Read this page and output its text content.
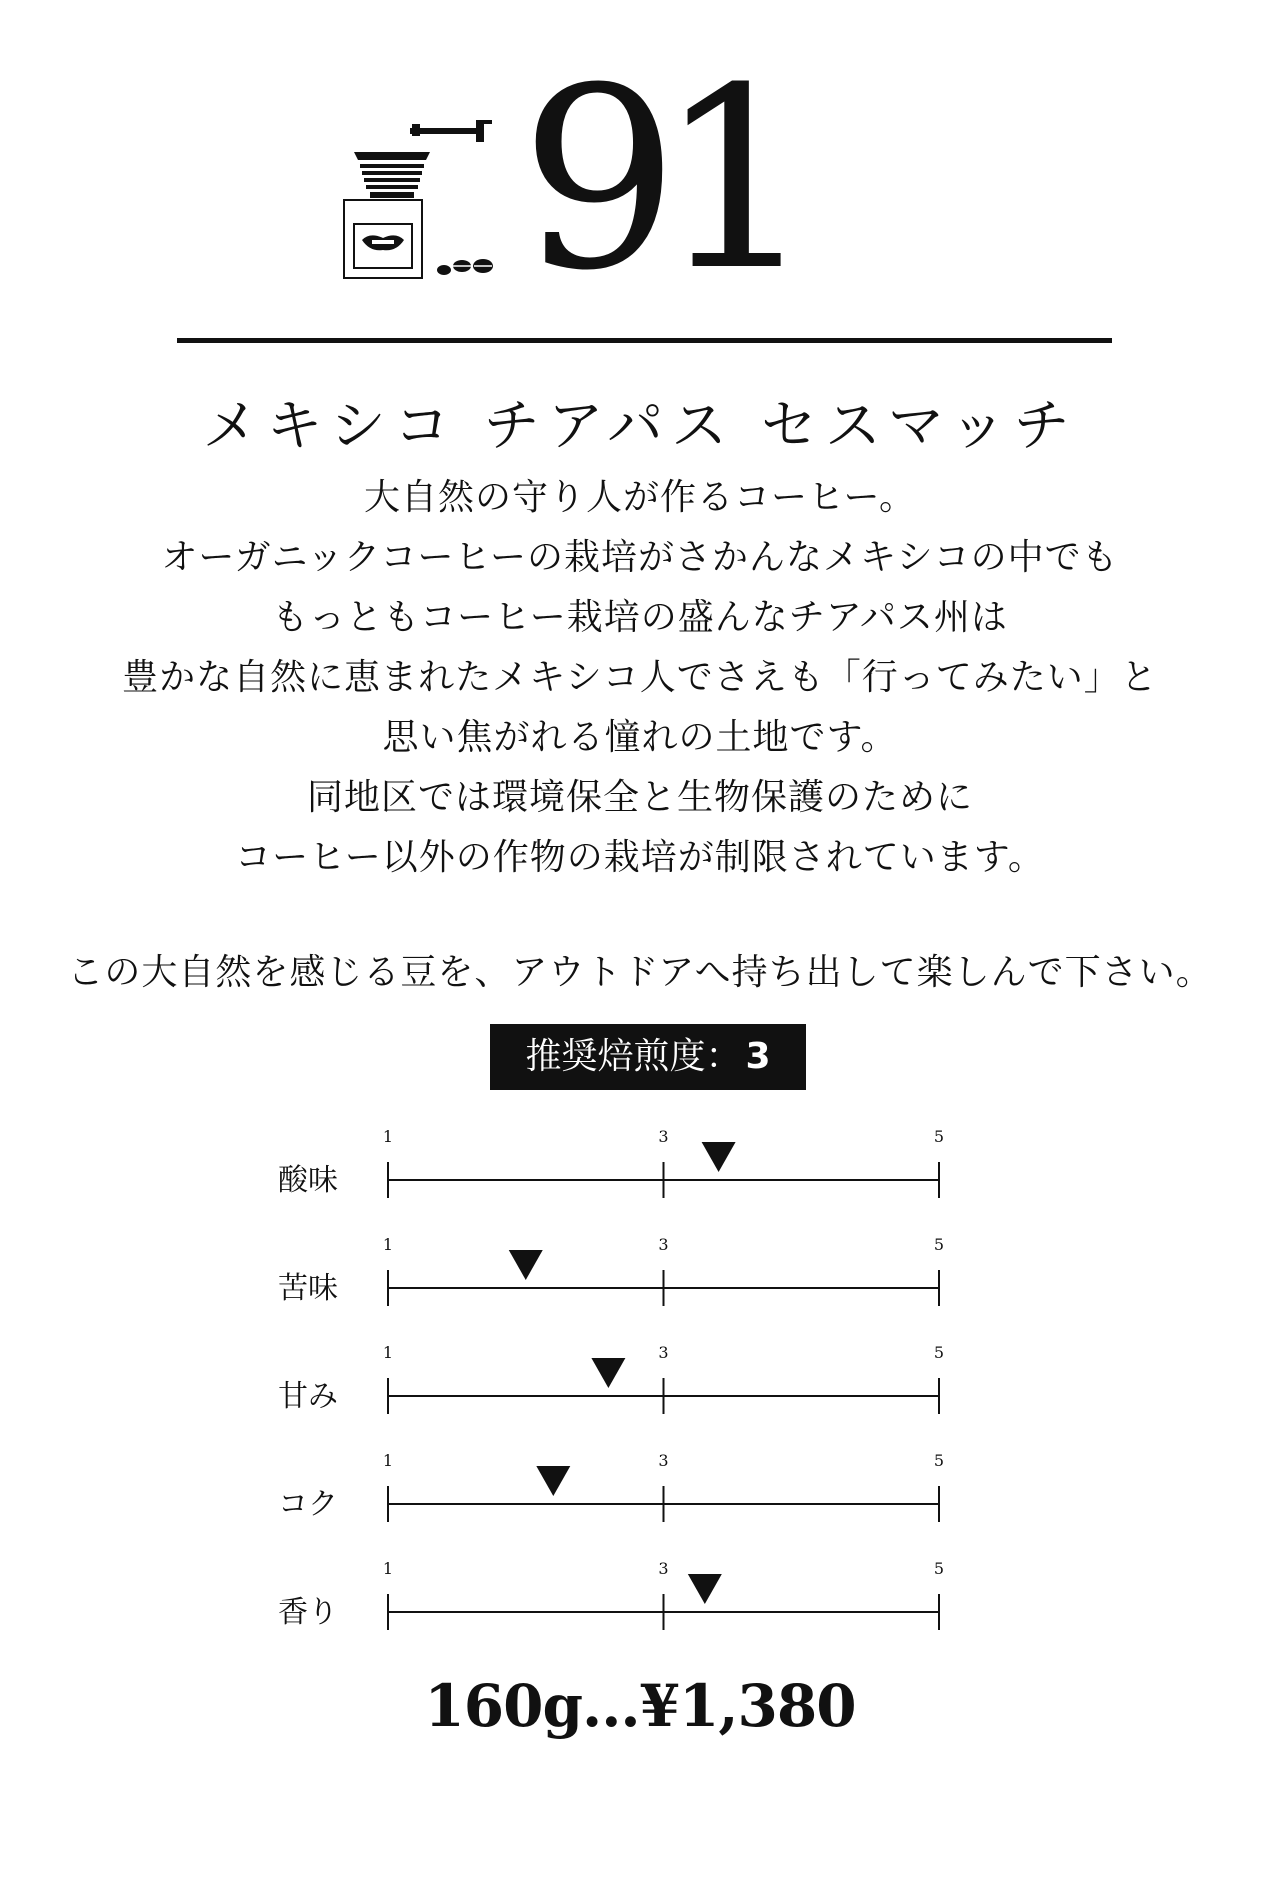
91
メキシコ チアパス セスマッチ
大自然の守り人が作るコーヒー。
オーガニックコーヒーの栽培がさかんなメキシコの中でも
もっともコーヒー栽培の盛んなチアパス州は
豊かな自然に恵まれたメキシコ人でさえも「行ってみたい」と
思い焦がれる憧れの土地です。
同地区では環境保全と生物保護のために
コーヒー以外の作物の栽培が制限されています。
この大自然を感じる豆を、アウトドアへ持ち出して楽しんで下さい。
推奨焙煎度： 3
酸味
1	3	5
苦味
1	3	5
甘み
1	3	5
コク
1	3	5
香り
1	3	5
160g...¥1,380
